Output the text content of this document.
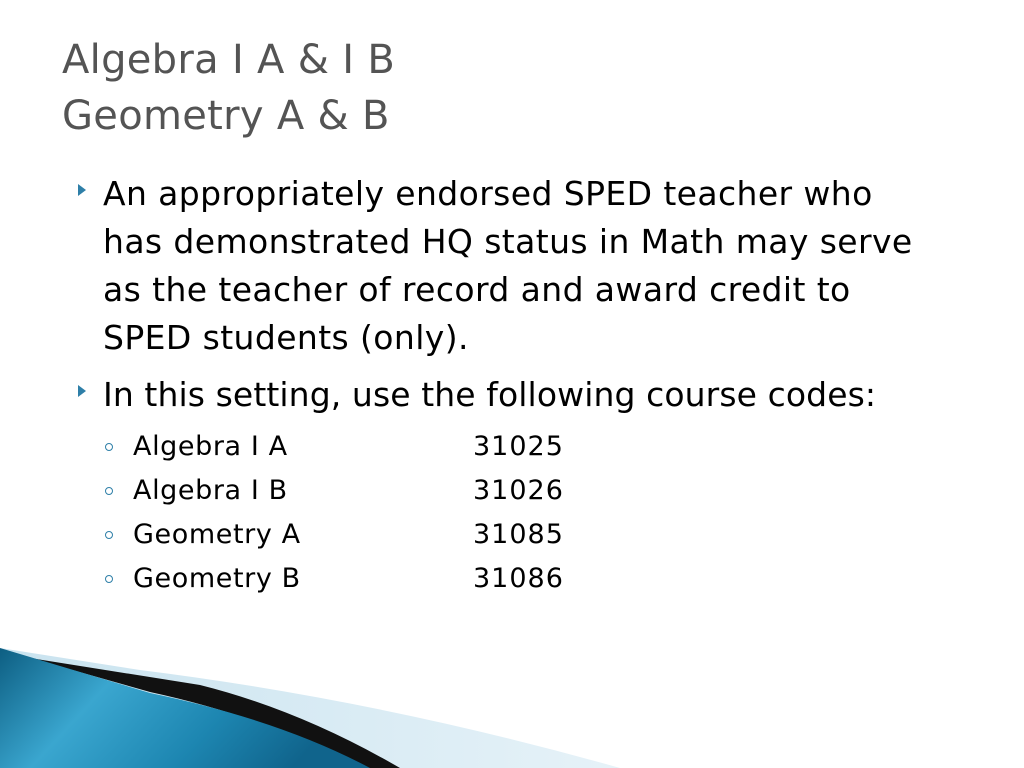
Algebra I A & I B
Geometry A & B
An appropriately endorsed SPED teacher who has demonstrated HQ status in Math may serve as the teacher of record and award credit to SPED students (only).
In this setting, use the following course codes:
Algebra I A	31025
Algebra I B	31026
Geometry A	31085
Geometry B	31086
